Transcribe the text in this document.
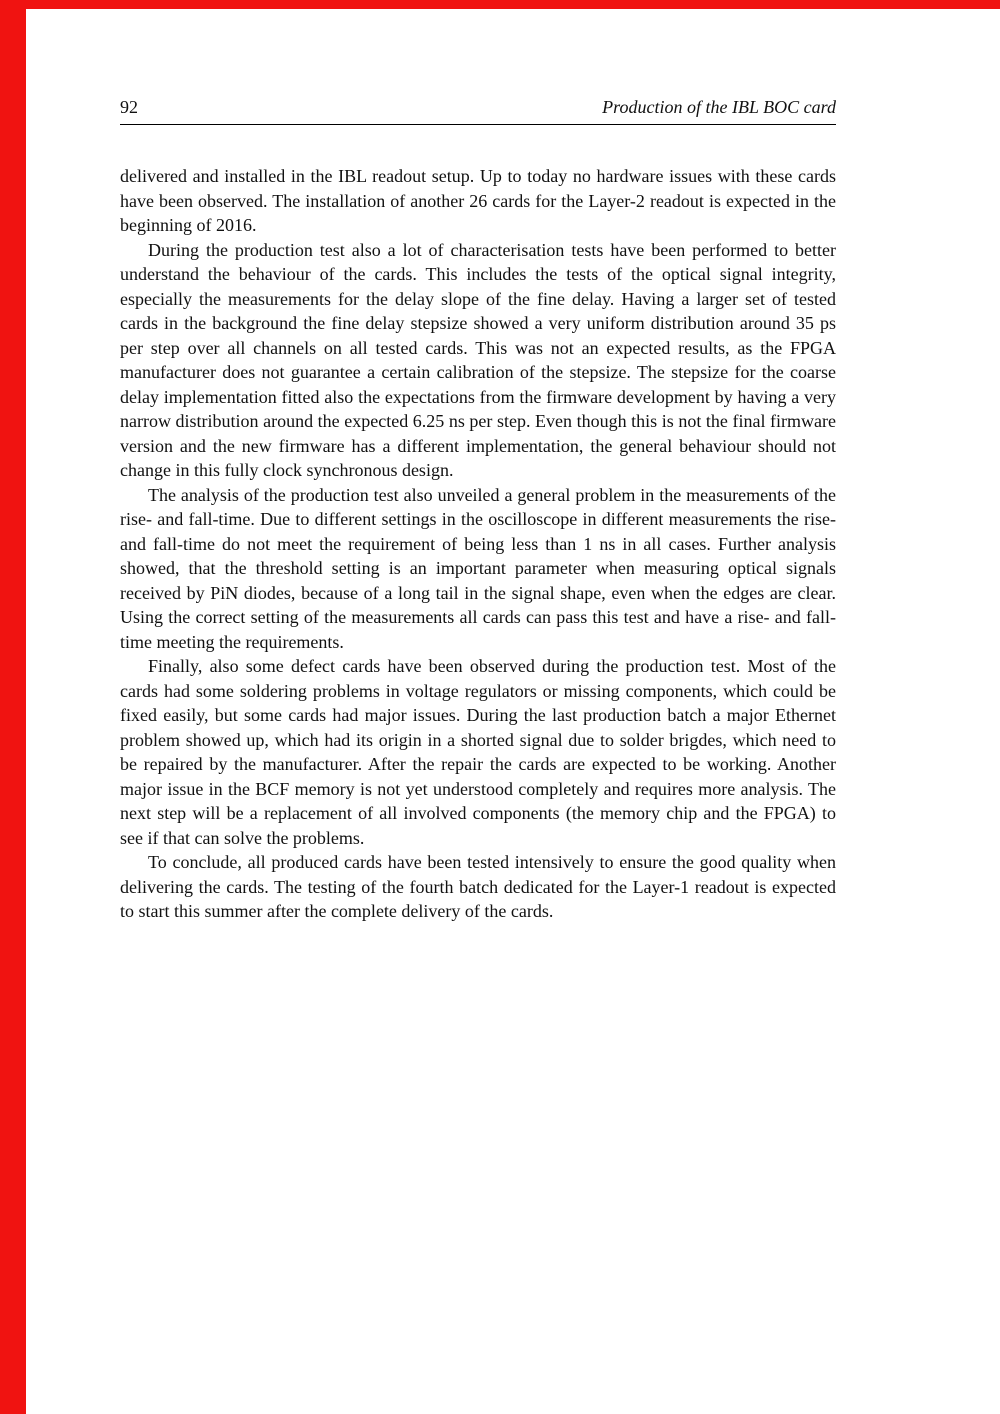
92	Production of the IBL BOC card

delivered and installed in the IBL readout setup. Up to today no hardware issues with these cards have been observed. The installation of another 26 cards for the Layer-2 readout is expected in the beginning of 2016.

During the production test also a lot of characterisation tests have been performed to better understand the behaviour of the cards. This includes the tests of the optical signal integrity, especially the measurements for the delay slope of the fine delay. Having a larger set of tested cards in the background the fine delay stepsize showed a very uniform distribution around 35 ps per step over all channels on all tested cards. This was not an expected results, as the FPGA manufacturer does not guarantee a certain calibration of the stepsize. The stepsize for the coarse delay implementation fitted also the expectations from the firmware development by having a very narrow distribution around the expected 6.25 ns per step. Even though this is not the final firmware version and the new firmware has a different implementation, the general behaviour should not change in this fully clock synchronous design.

The analysis of the production test also unveiled a general problem in the measurements of the rise- and fall-time. Due to different settings in the oscilloscope in different measurements the rise- and fall-time do not meet the requirement of being less than 1 ns in all cases. Further analysis showed, that the threshold setting is an important parameter when measuring optical signals received by PiN diodes, because of a long tail in the signal shape, even when the edges are clear. Using the correct setting of the measurements all cards can pass this test and have a rise- and fall-time meeting the requirements.

Finally, also some defect cards have been observed during the production test. Most of the cards had some soldering problems in voltage regulators or missing components, which could be fixed easily, but some cards had major issues. During the last production batch a major Ethernet problem showed up, which had its origin in a shorted signal due to solder brigdes, which need to be repaired by the manufacturer. After the repair the cards are expected to be working. Another major issue in the BCF memory is not yet understood completely and requires more analysis. The next step will be a replacement of all involved components (the memory chip and the FPGA) to see if that can solve the problems.

To conclude, all produced cards have been tested intensively to ensure the good quality when delivering the cards. The testing of the fourth batch dedicated for the Layer-1 readout is expected to start this summer after the complete delivery of the cards.
